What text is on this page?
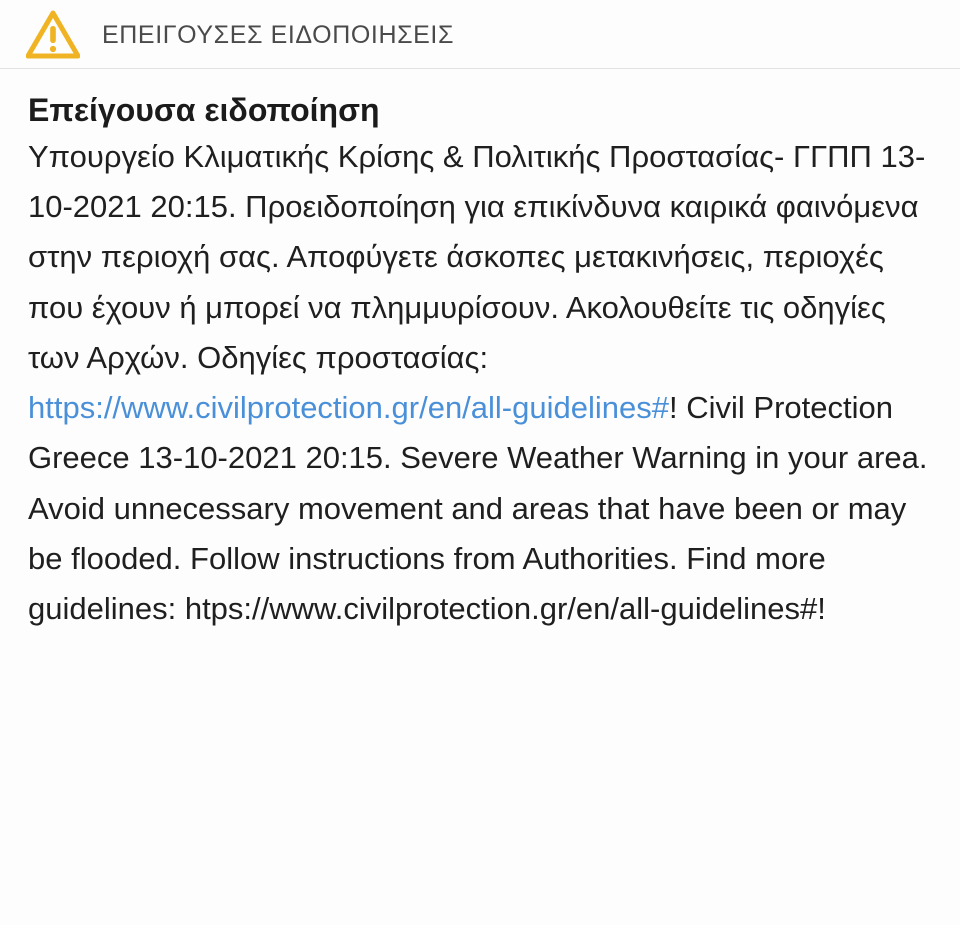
ΕΠΕΙΓΟΥΣΕΣ ΕΙΔΟΠΟΙΗΣΕΙΣ
Επείγουσα ειδοποίηση

Υπουργείο Κλιματικής Κρίσης & Πολιτικής Προστασίας- ΓΓΠΠ 13-10-2021 20:15. Προειδοποίηση για επικίνδυνα καιρικά φαινόμενα στην περιοχή σας. Αποφύγετε άσκοπες μετακινήσεις, περιοχές που έχουν ή μπορεί να πλημμυρίσουν. Ακολουθείτε τις οδηγίες των Αρχών. Οδηγίες προστασίας: https://www.civilprotection.gr/en/all-guidelines#! Civil Protection Greece 13-10-2021 20:15. Severe Weather Warning in your area. Avoid unnecessary movement and areas that have been or may be flooded. Follow instructions from Authorities. Find more guidelines: htps://www.civilprotection.gr/en/all-guidelines#!
